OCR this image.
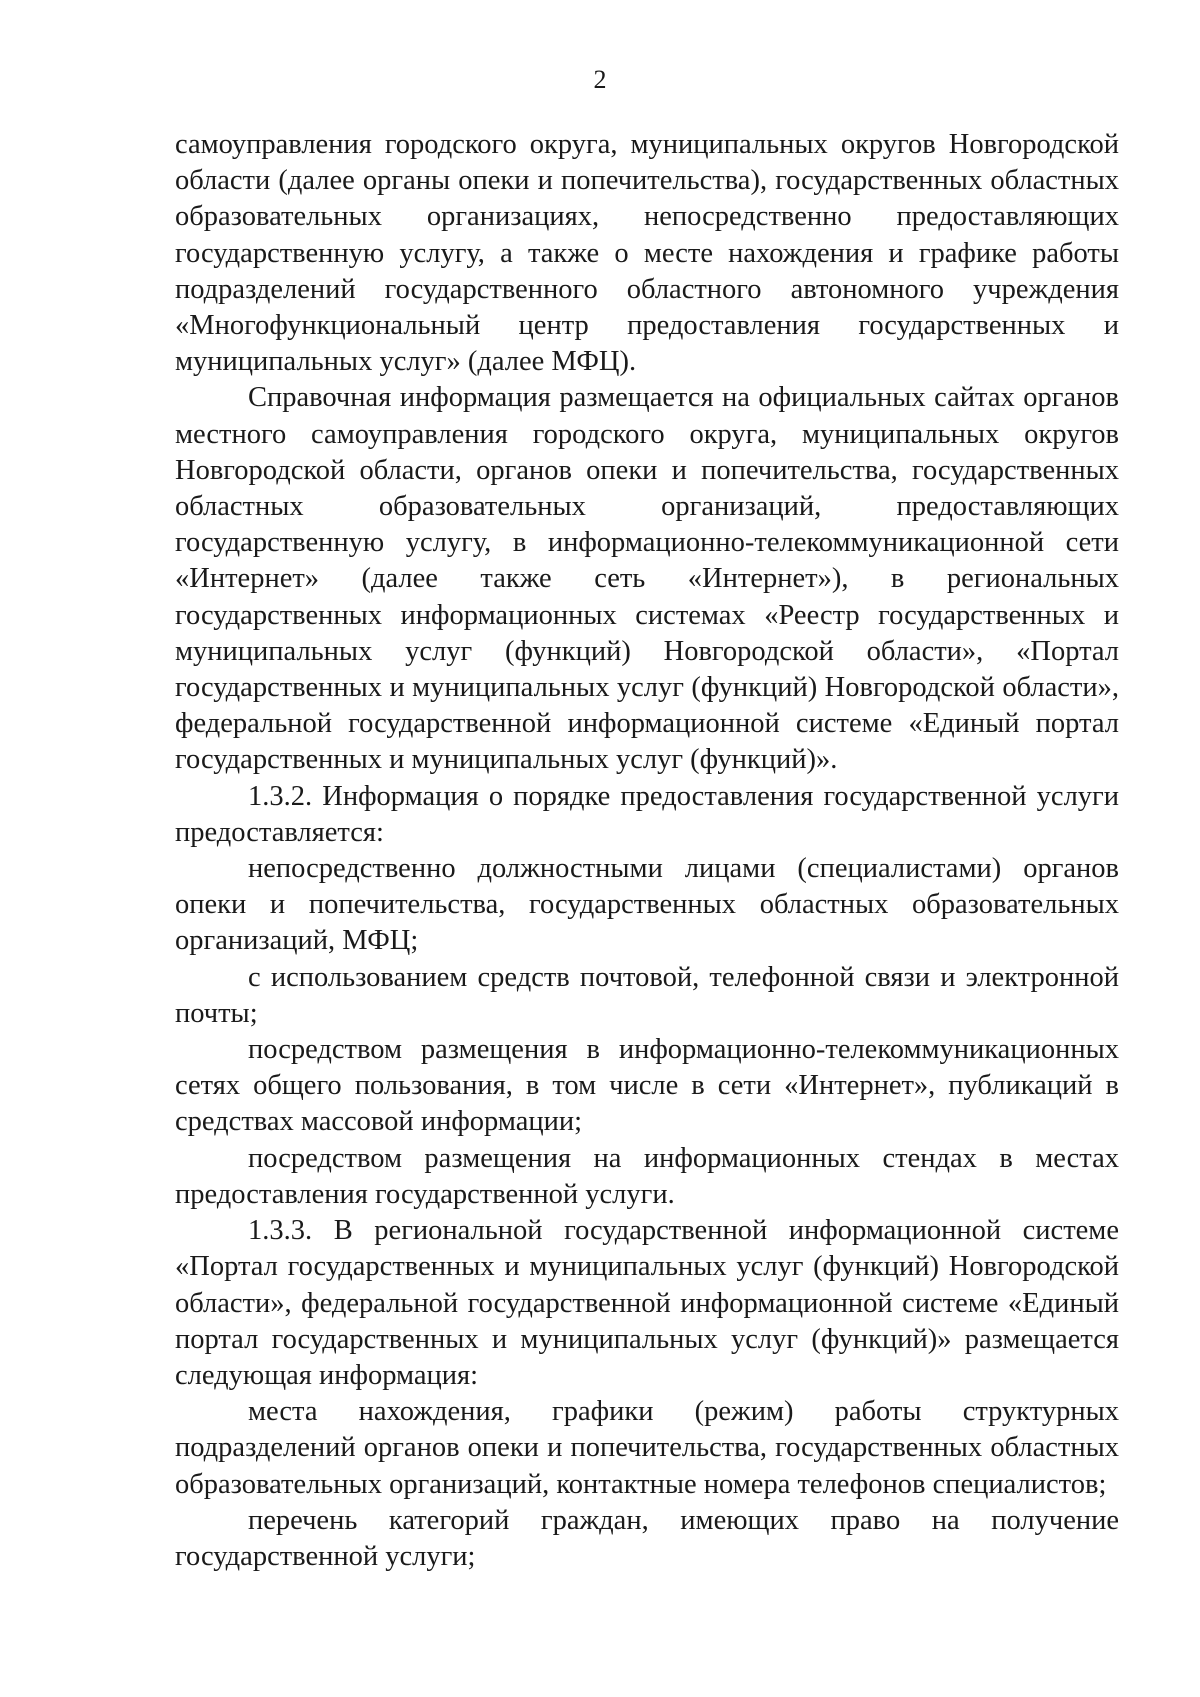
2

самоуправления городского округа, муниципальных округов Новгородской области (далее органы опеки и попечительства), государственных областных образовательных организациях, непосредственно предоставляющих государственную услугу, а также о месте нахождения и графике работы подразделений государственного областного автономного учреждения «Многофункциональный центр предоставления государственных и муниципальных услуг» (далее МФЦ).

Справочная информация размещается на официальных сайтах органов местного самоуправления городского округа, муниципальных округов Новгородской области, органов опеки и попечительства, государственных областных образовательных организаций, предоставляющих государственную услугу, в информационно-телекоммуникационной сети «Интернет» (далее также сеть «Интернет»), в региональных государственных информационных системах «Реестр государственных и муниципальных услуг (функций) Новгородской области», «Портал государственных и муниципальных услуг (функций) Новгородской области», федеральной государственной информационной системе «Единый портал государственных и муниципальных услуг (функций)».

1.3.2. Информация о порядке предоставления государственной услуги предоставляется:

непосредственно должностными лицами (специалистами) органов опеки и попечительства, государственных областных образовательных организаций, МФЦ;

с использованием средств почтовой, телефонной связи и электронной почты;

посредством размещения в информационно-телекоммуникационных сетях общего пользования, в том числе в сети «Интернет», публикаций в средствах массовой информации;

посредством размещения на информационных стендах в местах предоставления государственной услуги.

1.3.3. В региональной государственной информационной системе «Портал государственных и муниципальных услуг (функций) Новгородской области», федеральной государственной информационной системе «Единый портал государственных и муниципальных услуг (функций)» размещается следующая информация:

места нахождения, графики (режим) работы структурных подразделений органов опеки и попечительства, государственных областных образовательных организаций, контактные номера телефонов специалистов;

перечень категорий граждан, имеющих право на получение государственной услуги;
